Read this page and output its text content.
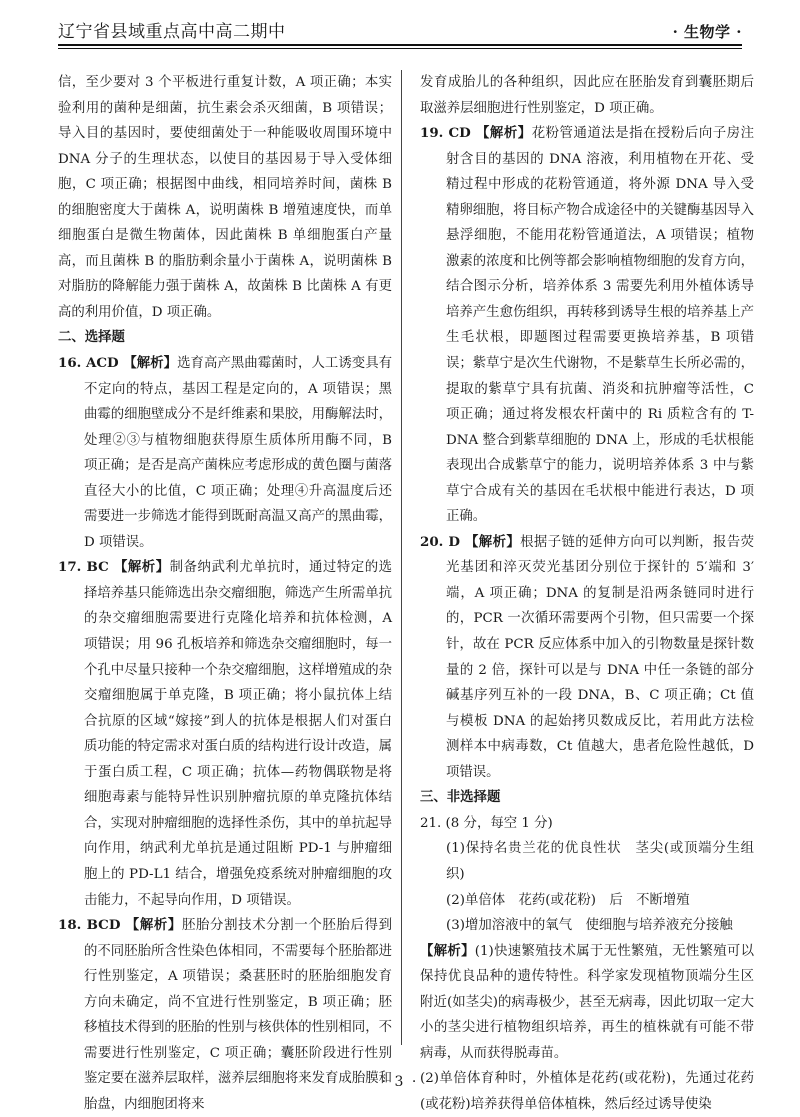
辽宁省县域重点高中高二期中	· 生物学 ·

信，至少要对 3 个平板进行重复计数，A 项正确；本实验利用的菌种是细菌，抗生素会杀灭细菌，B 项错误；导入目的基因时，要使细菌处于一种能吸收周围环境中 DNA 分子的生理状态，以使目的基因易于导入受体细胞，C 项正确；根据图中曲线，相同培养时间，菌株 B 的细胞密度大于菌株 A，说明菌株 B 增殖速度快，而单细胞蛋白是微生物菌体，因此菌株 B 单细胞蛋白产量高，而且菌株 B 的脂肪剩余量小于菌株 A，说明菌株 B 对脂肪的降解能力强于菌株 A，故菌株 B 比菌株 A 有更高的利用价值，D 项正确。

二、选择题

16. ACD 【解析】选育高产黑曲霉菌时，人工诱变具有不定向的特点，基因工程是定向的，A 项错误；黑曲霉的细胞壁成分不是纤维素和果胶，用酶解法时，处理②③与植物细胞获得原生质体所用酶不同，B 项正确；是否是高产菌株应考虑形成的黄色圈与菌落直径大小的比值，C 项正确；处理④升高温度后还需要进一步筛选才能得到既耐高温又高产的黑曲霉，D 项错误。

17. BC 【解析】制备纳武利尤单抗时，通过特定的选择培养基只能筛选出杂交瘤细胞，筛选产生所需单抗的杂交瘤细胞需要进行克隆化培养和抗体检测，A 项错误；用 96 孔板培养和筛选杂交瘤细胞时，每一个孔中尽量只接种一个杂交瘤细胞，这样增殖成的杂交瘤细胞属于单克隆，B 项正确；将小鼠抗体上结合抗原的区域“嫁接”到人的抗体是根据人们对蛋白质功能的特定需求对蛋白质的结构进行设计改造，属于蛋白质工程，C 项正确；抗体—药物偶联物是将细胞毒素与能特异性识别肿瘤抗原的单克隆抗体结合，实现对肿瘤细胞的选择性杀伤，其中的单抗起导向作用，纳武利尤单抗是通过阻断 PD-1 与肿瘤细胞上的 PD-L1 结合，增强免疫系统对肿瘤细胞的攻击能力，不起导向作用，D 项错误。

18. BCD 【解析】胚胎分割技术分割一个胚胎后得到的不同胚胎所含性染色体相同，不需要每个胚胎都进行性别鉴定，A 项错误；桑葚胚时的胚胎细胞发育方向未确定，尚不宜进行性别鉴定，B 项正确；胚移植技术得到的胚胎的性别与核供体的性别相同，不需要进行性别鉴定，C 项正确；囊胚阶段进行性别鉴定要在滋养层取样，滋养层细胞将来发育成胎膜和胎盘，内细胞团将来

发育成胎儿的各种组织，因此应在胚胎发育到囊胚期后取滋养层细胞进行性别鉴定，D 项正确。

19. CD 【解析】花粉管通道法是指在授粉后向子房注射含目的基因的 DNA 溶液，利用植物在开花、受精过程中形成的花粉管通道，将外源 DNA 导入受精卵细胞，将目标产物合成途径中的关键酶基因导入悬浮细胞，不能用花粉管通道法，A 项错误；植物激素的浓度和比例等都会影响植物细胞的发育方向，结合图示分析，培养体系 3 需要先利用外植体诱导培养产生愈伤组织，再转移到诱导生根的培养基上产生毛状根，即题图过程需要更换培养基，B 项错误；紫草宁是次生代谢物，不是紫草生长所必需的，提取的紫草宁具有抗菌、消炎和抗肿瘤等活性，C 项正确；通过将发根农杆菌中的 Ri 质粒含有的 T-DNA 整合到紫草细胞的 DNA 上，形成的毛状根能表现出合成紫草宁的能力，说明培养体系 3 中与紫草宁合成有关的基因在毛状根中能进行表达，D 项正确。

20. D 【解析】根据子链的延伸方向可以判断，报告荧光基团和淬灭荧光基团分别位于探针的 5′端和 3′端，A 项正确；DNA 的复制是沿两条链同时进行的，PCR 一次循环需要两个引物，但只需要一个探针，故在 PCR 反应体系中加入的引物数量是探针数量的 2 倍，探针可以是与 DNA 中任一条链的部分碱基序列互补的一段 DNA，B、C 项正确；Ct 值与模板 DNA 的起始拷贝数成反比，若用此方法检测样本中病毒数，Ct 值越大，患者危险性越低，D 项错误。

三、非选择题

21. (8 分，每空 1 分)

(1)保持名贵兰花的优良性状　茎尖(或顶端分生组织)

(2)单倍体　花药(或花粉)　后　不断增殖

(3)增加溶液中的氧气　使细胞与培养液充分接触

【解析】(1)快速繁殖技术属于无性繁殖，无性繁殖可以保持优良品种的遗传特性。科学家发现植物顶端分生区附近(如茎尖)的病毒极少，甚至无病毒，因此切取一定大小的茎尖进行植物组织培养，再生的植株就有可能不带病毒，从而获得脱毒苗。

(2)单倍体育种时，外植体是花药(或花粉)，先通过花药(或花粉)培养获得单倍体植株，然后经过诱导使染

· 3 ·
